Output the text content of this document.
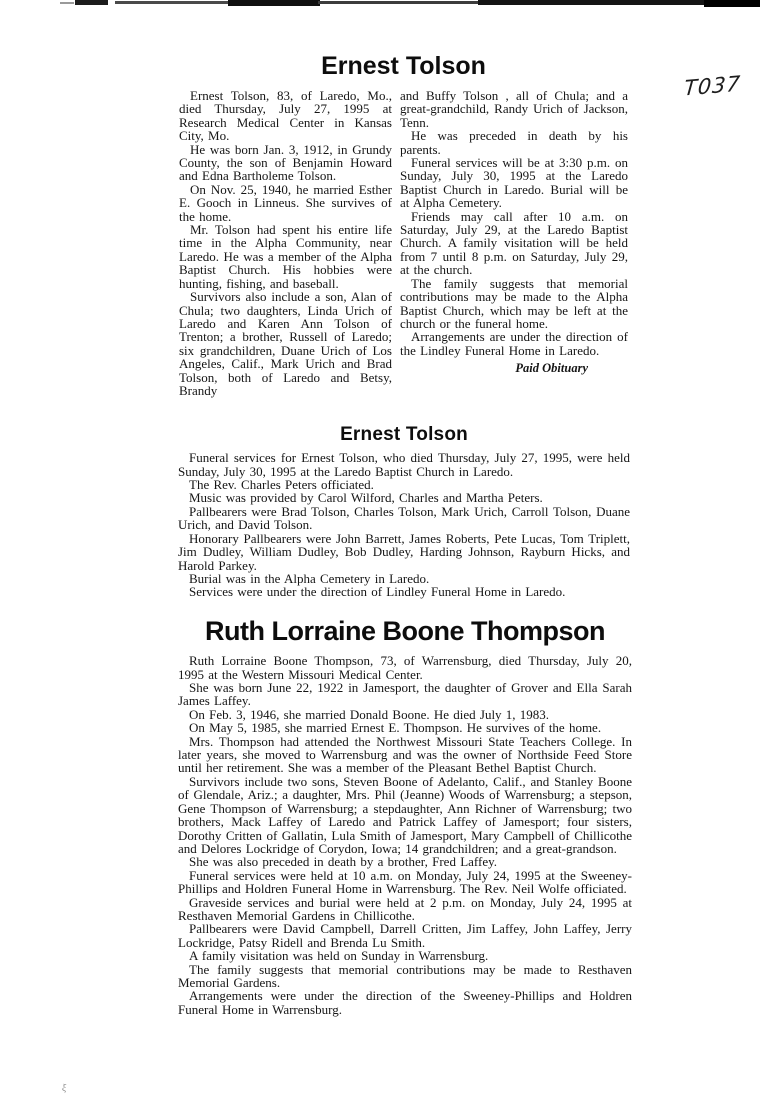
T037
Ernest Tolson

Ernest Tolson, 83, of Laredo, Mo., died Thursday, July 27, 1995 at Research Medical Center in Kansas City, Mo.

He was born Jan. 3, 1912, in Grundy County, the son of Benjamin Howard and Edna Bartholeme Tolson.

On Nov. 25, 1940, he married Esther E. Gooch in Linneus. She survives of the home.

Mr. Tolson had spent his entire life time in the Alpha Community, near Laredo. He was a member of the Alpha Baptist Church. His hobbies were hunting, fishing, and baseball.

Survivors also include a son, Alan of Chula; two daughters, Linda Urich of Laredo and Karen Ann Tolson of Trenton; a brother, Russell of Laredo; six grandchildren, Duane Urich of Los Angeles, Calif., Mark Urich and Brad Tolson, both of Laredo and Betsy, Brandy

and Buffy Tolson , all of Chula; and a great-grandchild, Randy Urich of Jackson, Tenn.

He was preceded in death by his parents.

Funeral services will be at 3:30 p.m. on Sunday, July 30, 1995 at the Laredo Baptist Church in Laredo. Burial will be at Alpha Cemetery.

Friends may call after 10 a.m. on Saturday, July 29, at the Laredo Baptist Church. A family visitation will be held from 7 until 8 p.m. on Saturday, July 29, at the church.

The family suggests that memorial contributions may be made to the Alpha Baptist Church, which may be left at the church or the funeral home.

Arrangements are under the direction of the Lindley Funeral Home in Laredo.

Paid Obituary
Ernest Tolson

Funeral services for Ernest Tolson, who died Thursday, July 27, 1995, were held Sunday, July 30, 1995 at the Laredo Baptist Church in Laredo.

The Rev. Charles Peters officiated.

Music was provided by Carol Wilford, Charles and Martha Peters.

Pallbearers were Brad Tolson, Charles Tolson, Mark Urich, Carroll Tolson, Duane Urich, and David Tolson.

Honorary Pallbearers were John Barrett, James Roberts, Pete Lucas, Tom Triplett, Jim Dudley, William Dudley, Bob Dudley, Harding Johnson, Rayburn Hicks, and Harold Parkey.

Burial was in the Alpha Cemetery in Laredo.

Services were under the direction of Lindley Funeral Home in Laredo.

Ruth Lorraine Boone Thompson

Ruth Lorraine Boone Thompson, 73, of Warrensburg, died Thursday, July 20, 1995 at the Western Missouri Medical Center.

She was born June 22, 1922 in Jamesport, the daughter of Grover and Ella Sarah James Laffey.

On Feb. 3, 1946, she married Donald Boone. He died July 1, 1983.

On May 5, 1985, she married Ernest E. Thompson. He survives of the home.

Mrs. Thompson had attended the Northwest Missouri State Teachers College. In later years, she moved to Warrensburg and was the owner of Northside Feed Store until her retirement. She was a member of the Pleasant Bethel Baptist Church.

Survivors include two sons, Steven Boone of Adelanto, Calif., and Stanley Boone of Glendale, Ariz.; a daughter, Mrs. Phil (Jeanne) Woods of Warrensburg; a stepson, Gene Thompson of Warrensburg; a stepdaughter, Ann Richner of Warrensburg; two brothers, Mack Laffey of Laredo and Patrick Laffey of Jamesport; four sisters, Dorothy Critten of Gallatin, Lula Smith of Jamesport, Mary Campbell of Chillicothe and Delores Lockridge of Corydon, Iowa; 14 grandchildren; and a great-grandson.

She was also preceded in death by a brother, Fred Laffey.

Funeral services were held at 10 a.m. on Monday, July 24, 1995 at the Sweeney-Phillips and Holdren Funeral Home in Warrensburg. The Rev. Neil Wolfe officiated.

Graveside services and burial were held at 2 p.m. on Monday, July 24, 1995 at Resthaven Memorial Gardens in Chillicothe.

Pallbearers were David Campbell, Darrell Critten, Jim Laffey, John Laffey, Jerry Lockridge, Patsy Ridell and Brenda Lu Smith.

A family visitation was held on Sunday in Warrensburg.

The family suggests that memorial contributions may be made to Resthaven Memorial Gardens.

Arrangements were under the direction of the Sweeney-Phillips and Holdren Funeral Home in Warrensburg.

ξ
